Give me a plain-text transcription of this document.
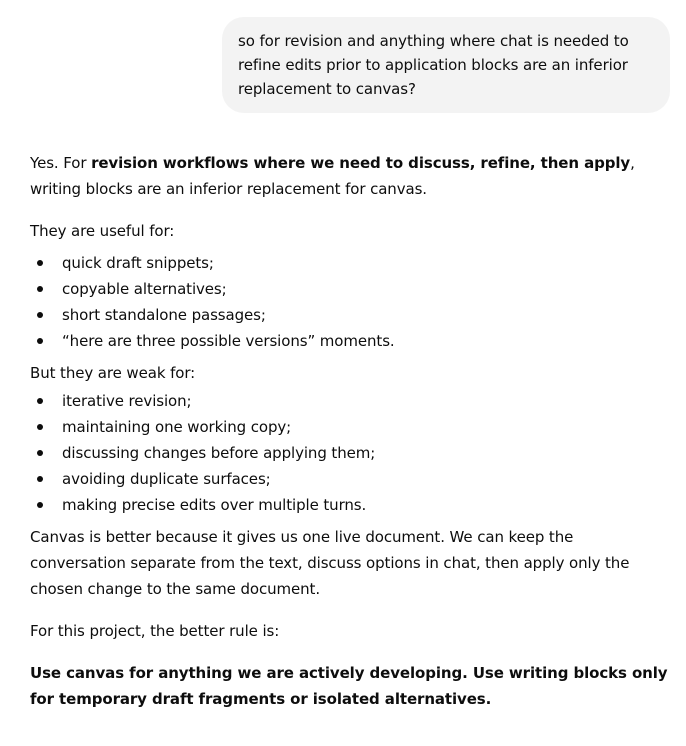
so for revision and anything where chat is needed to refine edits prior to application blocks are an inferior replacement to canvas?

Yes. For revision workflows where we need to discuss, refine, then apply, writing blocks are an inferior replacement for canvas.

They are useful for:

quick draft snippets;
copyable alternatives;
short standalone passages;
“here are three possible versions” moments.

But they are weak for:

iterative revision;
maintaining one working copy;
discussing changes before applying them;
avoiding duplicate surfaces;
making precise edits over multiple turns.

Canvas is better because it gives us one live document. We can keep the conversation separate from the text, discuss options in chat, then apply only the chosen change to the same document.

For this project, the better rule is:

Use canvas for anything we are actively developing. Use writing blocks only for temporary draft fragments or isolated alternatives.
